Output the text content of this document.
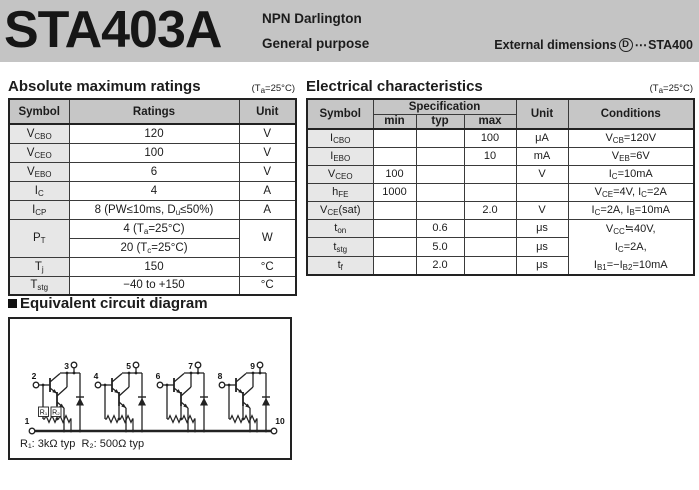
STA403A	NPN Darlington
General purpose	External dimensions D ⋯ STA400
Absolute maximum ratings	$(T_a=25^\circ C)$
Symbol	Ratings	Unit
$V_{CBO}$	120	V
$V_{CEO}$	100	V
$V_{EBO}$	6	V
$I_C$	4	A
$I_{CP}$	8 (PW≤10ms, $D_u\le 50\%$)	A
$P_T$	4 $(T_a=25^\circ C)$	W
	20 $(T_c=25^\circ C)$	
$T_j$	150	°C
$T_{stg}$	−40 to +150	°C
Electrical characteristics	$(T_a=25^\circ C)$
Symbol	Specification			Unit	Conditions
	min	typ	max		
$I_{CBO}$			100	μA	$V_{CB}=120V$
$I_{EBO}$			10	mA	$V_{EB}=6V$
$V_{CEO}$	100			V	$I_C=10mA$
$h_{FE}$	1000				$V_{CE}=4V$, $I_C=2A$
$V_{CE}(sat)$			2.0	V	$I_C=2A$, $I_B=10mA$
$t_{on}$		0.6		μs	$V_{CC}≒40V$,
$I_C=2A$,
$I_{B1}=-I_{B2}=10mA$

$t_{stg}$		5.0		μs	
$t_f$		2.0		μs	
Equivalent circuit diagram
1	10
2
3
R₁ R₂
4
5
6
7
8
9
R₁: 3kΩ typ  R₂: 500Ω typ
